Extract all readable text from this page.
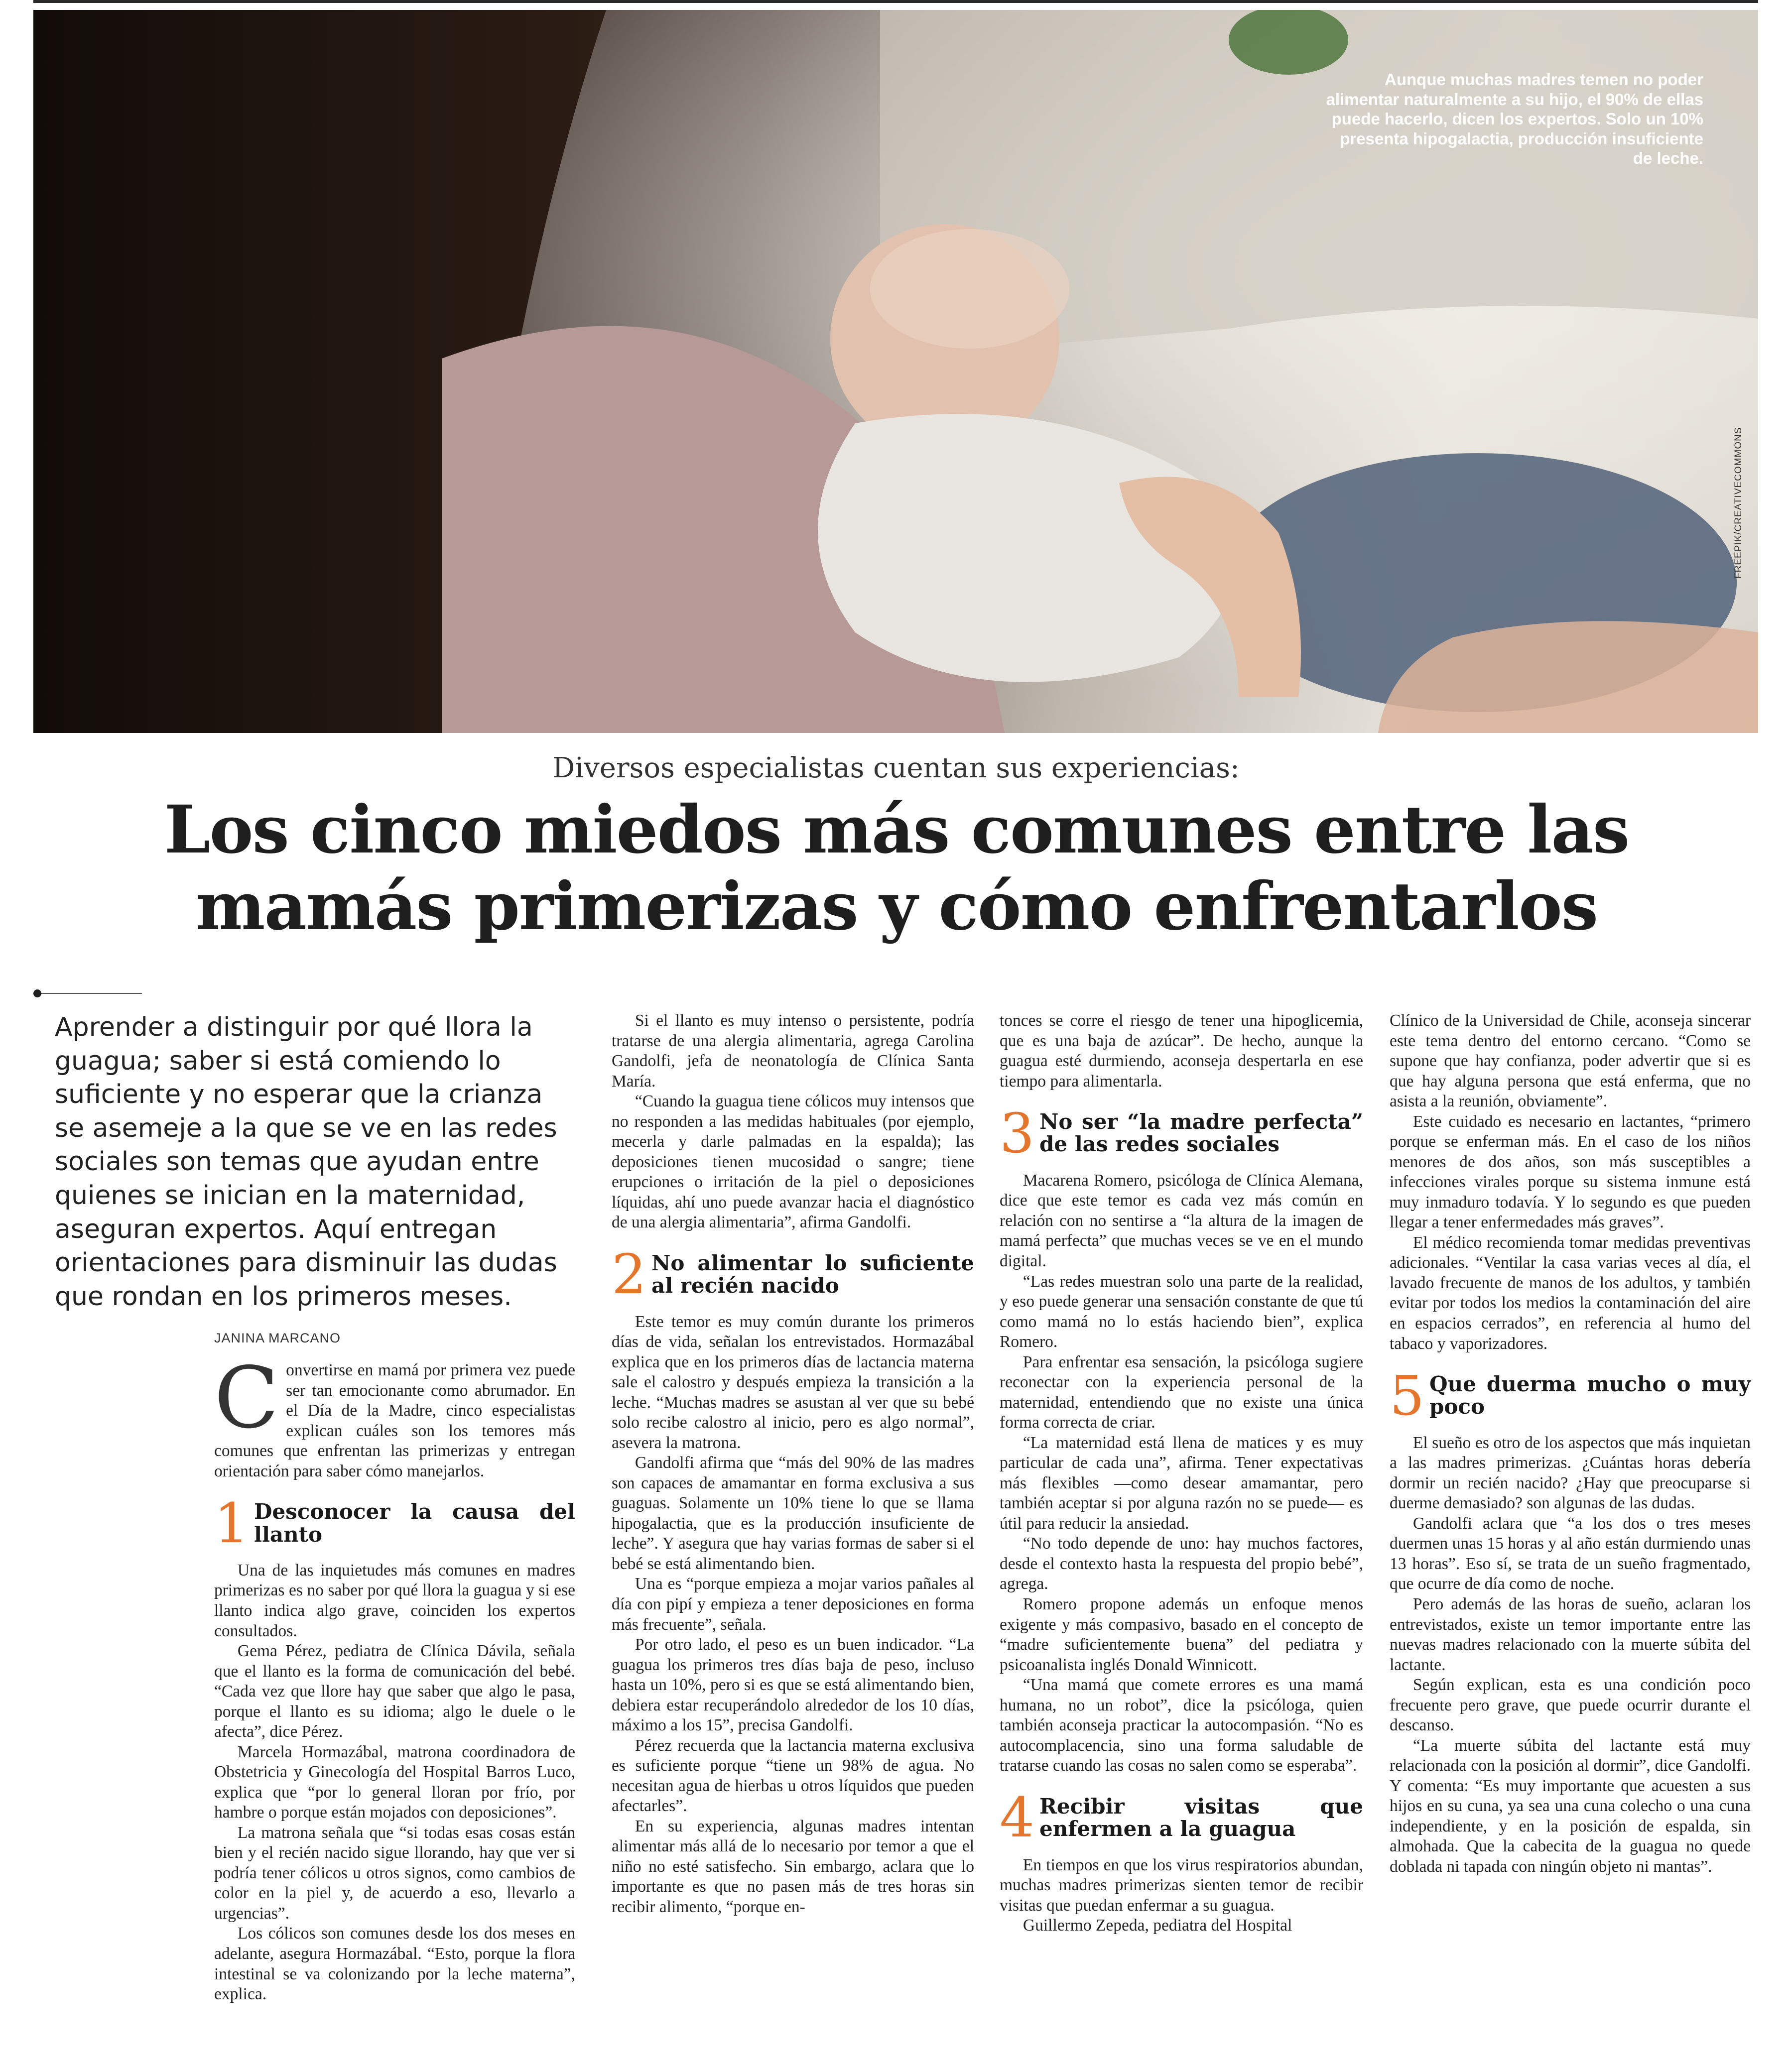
Aunque muchas madres temen no poder alimentar naturalmente a su hijo, el 90% de ellas puede hacerlo, dicen los expertos. Solo un 10% presenta hipogalactia, producción insuficiente de leche.
FREEPIK/CREATIVECOMMONS
Diversos especialistas cuentan sus experiencias:
Los cinco miedos más comunes entre las mamás primerizas y cómo enfrentarlos
Aprender a distinguir por qué llora la guagua; saber si está comiendo lo suficiente y no esperar que la crianza se asemeje a la que se ve en las redes sociales son temas que ayudan entre quienes se inician en la maternidad, aseguran expertos. Aquí entregan orientaciones para disminuir las dudas que rondan en los primeros meses.
JANINA MARCANO

Convertirse en mamá por primera vez puede ser tan emocionante como abrumador. En el Día de la Madre, cinco especialistas explican cuáles son los temores más comunes que enfrentan las primerizas y entregan orientación para saber cómo manejarlos.

1 Desconocer la causa del llanto

Una de las inquietudes más comunes en madres primerizas es no saber por qué llora la guagua y si ese llanto indica algo grave, coinciden los expertos consultados.

Gema Pérez, pediatra de Clínica Dávila, señala que el llanto es la forma de comunicación del bebé. “Cada vez que llore hay que saber que algo le pasa, porque el llanto es su idioma; algo le duele o le afecta”, dice Pérez.

Marcela Hormazábal, matrona coordinadora de Obstetricia y Ginecología del Hospital Barros Luco, explica que “por lo general lloran por frío, por hambre o porque están mojados con deposiciones”.

La matrona señala que “si todas esas cosas están bien y el recién nacido sigue llorando, hay que ver si podría tener cólicos u otros signos, como cambios de color en la piel y, de acuerdo a eso, llevarlo a urgencias”.

Los cólicos son comunes desde los dos meses en adelante, asegura Hormazábal. “Esto, porque la flora intestinal se va colonizando por la leche materna”, explica.

Si el llanto es muy intenso o persistente, podría tratarse de una alergia alimentaria, agrega Carolina Gandolfi, jefa de neonatología de Clínica Santa María.

“Cuando la guagua tiene cólicos muy intensos que no responden a las medidas habituales (por ejemplo, mecerla y darle palmadas en la espalda); las deposiciones tienen mucosidad o sangre; tiene erupciones o irritación de la piel o deposiciones líquidas, ahí uno puede avanzar hacia el diagnóstico de una alergia alimentaria”, afirma Gandolfi.

2 No alimentar lo suficiente al recién nacido

Este temor es muy común durante los primeros días de vida, señalan los entrevistados. Hormazábal explica que en los primeros días de lactancia materna sale el calostro y después empieza la transición a la leche. “Muchas madres se asustan al ver que su bebé solo recibe calostro al inicio, pero es algo normal”, asevera la matrona.

Gandolfi afirma que “más del 90% de las madres son capaces de amamantar en forma exclusiva a sus guaguas. Solamente un 10% tiene lo que se llama hipogalactia, que es la producción insuficiente de leche”. Y asegura que hay varias formas de saber si el bebé se está alimentando bien.

Una es “porque empieza a mojar varios pañales al día con pipí y empieza a tener deposiciones en forma más frecuente”, señala.

Por otro lado, el peso es un buen indicador. “La guagua los primeros tres días baja de peso, incluso hasta un 10%, pero si es que se está alimentando bien, debiera estar recuperándolo alrededor de los 10 días, máximo a los 15”, precisa Gandolfi.

Pérez recuerda que la lactancia materna exclusiva es suficiente porque “tiene un 98% de agua. No necesitan agua de hierbas u otros líquidos que pueden afectarles”.

En su experiencia, algunas madres intentan alimentar más allá de lo necesario por temor a que el niño no esté satisfecho. Sin embargo, aclara que lo importante es que no pasen más de tres horas sin recibir alimento, “porque en-

tonces se corre el riesgo de tener una hipoglicemia, que es una baja de azúcar”. De hecho, aunque la guagua esté durmiendo, aconseja despertarla en ese tiempo para alimentarla.

3 No ser “la madre perfecta” de las redes sociales

Macarena Romero, psicóloga de Clínica Alemana, dice que este temor es cada vez más común en relación con no sentirse a “la altura de la imagen de mamá perfecta” que muchas veces se ve en el mundo digital.

“Las redes muestran solo una parte de la realidad, y eso puede generar una sensación constante de que tú como mamá no lo estás haciendo bien”, explica Romero.

Para enfrentar esa sensación, la psicóloga sugiere reconectar con la experiencia personal de la maternidad, entendiendo que no existe una única forma correcta de criar.

“La maternidad está llena de matices y es muy particular de cada una”, afirma. Tener expectativas más flexibles —como desear amamantar, pero también aceptar si por alguna razón no se puede— es útil para reducir la ansiedad.

“No todo depende de uno: hay muchos factores, desde el contexto hasta la respuesta del propio bebé”, agrega.

Romero propone además un enfoque menos exigente y más compasivo, basado en el concepto de “madre suficientemente buena” del pediatra y psicoanalista inglés Donald Winnicott.

“Una mamá que comete errores es una mamá humana, no un robot”, dice la psicóloga, quien también aconseja practicar la autocompasión. “No es autocomplacencia, sino una forma saludable de tratarse cuando las cosas no salen como se esperaba”.

4 Recibir visitas que enfermen a la guagua

En tiempos en que los virus respiratorios abundan, muchas madres primerizas sienten temor de recibir visitas que puedan enfermar a su guagua.

Guillermo Zepeda, pediatra del Hospital

Clínico de la Universidad de Chile, aconseja sincerar este tema dentro del entorno cercano. “Como se supone que hay confianza, poder advertir que si es que hay alguna persona que está enferma, que no asista a la reunión, obviamente”.

Este cuidado es necesario en lactantes, “primero porque se enferman más. En el caso de los niños menores de dos años, son más susceptibles a infecciones virales porque su sistema inmune está muy inmaduro todavía. Y lo segundo es que pueden llegar a tener enfermedades más graves”.

El médico recomienda tomar medidas preventivas adicionales. “Ventilar la casa varias veces al día, el lavado frecuente de manos de los adultos, y también evitar por todos los medios la contaminación del aire en espacios cerrados”, en referencia al humo del tabaco y vaporizadores.

5 Que duerma mucho o muy poco

El sueño es otro de los aspectos que más inquietan a las madres primerizas. ¿Cuántas horas debería dormir un recién nacido? ¿Hay que preocuparse si duerme demasiado? son algunas de las dudas.

Gandolfi aclara que “a los dos o tres meses duermen unas 15 horas y al año están durmiendo unas 13 horas”. Eso sí, se trata de un sueño fragmentado, que ocurre de día como de noche.

Pero además de las horas de sueño, aclaran los entrevistados, existe un temor importante entre las nuevas madres relacionado con la muerte súbita del lactante.

Según explican, esta es una condición poco frecuente pero grave, que puede ocurrir durante el descanso.

“La muerte súbita del lactante está muy relacionada con la posición al dormir”, dice Gandolfi. Y comenta: “Es muy importante que acuesten a sus hijos en su cuna, ya sea una cuna colecho o una cuna independiente, y en la posición de espalda, sin almohada. Que la cabecita de la guagua no quede doblada ni tapada con ningún objeto ni mantas”.
